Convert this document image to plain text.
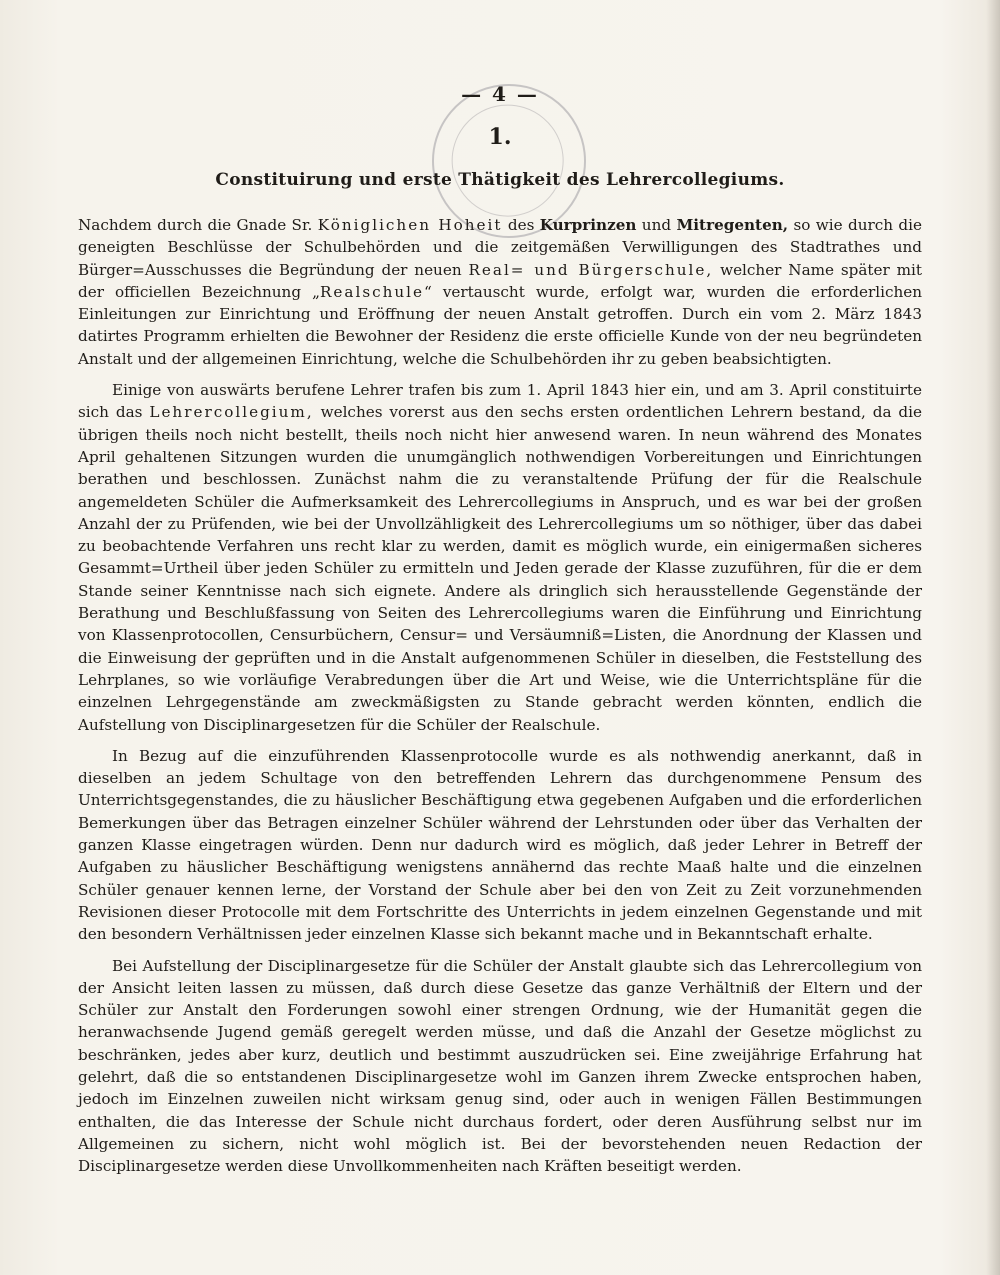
— 4 —
1.
Constituirung und erste Thätigkeit des Lehrercollegiums.

Nachdem durch die Gnade Sr. Königlichen Hoheit des Kurprinzen und Mitregenten, so wie durch die geneigten Beschlüsse der Schulbehörden und die zeitgemäßen Verwilligungen des Stadtrathes und Bürger=Ausschusses die Begründung der neuen Real= und Bürgerschule, welcher Name später mit der officiellen Bezeichnung „Realschule“ vertauscht wurde, erfolgt war, wurden die erforderlichen Einleitungen zur Einrichtung und Eröffnung der neuen Anstalt getroffen. Durch ein vom 2. März 1843 datirtes Programm erhielten die Bewohner der Residenz die erste officielle Kunde von der neu begründeten Anstalt und der allgemeinen Einrichtung, welche die Schulbehörden ihr zu geben beabsichtigten.

Einige von auswärts berufene Lehrer trafen bis zum 1. April 1843 hier ein, und am 3. April constituirte sich das Lehrercollegium, welches vorerst aus den sechs ersten ordentlichen Lehrern bestand, da die übrigen theils noch nicht bestellt, theils noch nicht hier anwesend waren. In neun während des Monates April gehaltenen Sitzungen wurden die unumgänglich nothwendigen Vorbereitungen und Einrichtungen berathen und beschlossen. Zunächst nahm die zu veranstaltende Prüfung der für die Realschule angemeldeten Schüler die Aufmerksamkeit des Lehrercollegiums in Anspruch, und es war bei der großen Anzahl der zu Prüfenden, wie bei der Unvollzähligkeit des Lehrercollegiums um so nöthiger, über das dabei zu beobachtende Verfahren uns recht klar zu werden, damit es möglich wurde, ein einigermaßen sicheres Gesammt=Urtheil über jeden Schüler zu ermitteln und Jeden gerade der Klasse zuzuführen, für die er dem Stande seiner Kenntnisse nach sich eignete. Andere als dringlich sich herausstellende Gegenstände der Berathung und Beschlußfassung von Seiten des Lehrercollegiums waren die Einführung und Einrichtung von Klassenprotocollen, Censurbüchern, Censur= und Versäumniß=Listen, die Anordnung der Klassen und die Einweisung der geprüften und in die Anstalt aufgenommenen Schüler in dieselben, die Feststellung des Lehrplanes, so wie vorläufige Verabredungen über die Art und Weise, wie die Unterrichtspläne für die einzelnen Lehrgegenstände am zweckmäßigsten zu Stande gebracht werden könnten, endlich die Aufstellung von Disciplinargesetzen für die Schüler der Realschule.

In Bezug auf die einzuführenden Klassenprotocolle wurde es als nothwendig anerkannt, daß in dieselben an jedem Schultage von den betreffenden Lehrern das durchgenommene Pensum des Unterrichtsgegenstandes, die zu häuslicher Beschäftigung etwa gegebenen Aufgaben und die erforderlichen Bemerkungen über das Betragen einzelner Schüler während der Lehrstunden oder über das Verhalten der ganzen Klasse eingetragen würden. Denn nur dadurch wird es möglich, daß jeder Lehrer in Betreff der Aufgaben zu häuslicher Beschäftigung wenigstens annähernd das rechte Maaß halte und die einzelnen Schüler genauer kennen lerne, der Vorstand der Schule aber bei den von Zeit zu Zeit vorzunehmenden Revisionen dieser Protocolle mit dem Fortschritte des Unterrichts in jedem einzelnen Gegenstande und mit den besondern Verhältnissen jeder einzelnen Klasse sich bekannt mache und in Bekanntschaft erhalte.

Bei Aufstellung der Disciplinargesetze für die Schüler der Anstalt glaubte sich das Lehrercollegium von der Ansicht leiten lassen zu müssen, daß durch diese Gesetze das ganze Verhältniß der Eltern und der Schüler zur Anstalt den Forderungen sowohl einer strengen Ordnung, wie der Humanität gegen die heranwachsende Jugend gemäß geregelt werden müsse, und daß die Anzahl der Gesetze möglichst zu beschränken, jedes aber kurz, deutlich und bestimmt auszudrücken sei. Eine zweijährige Erfahrung hat gelehrt, daß die so entstandenen Disciplinargesetze wohl im Ganzen ihrem Zwecke entsprochen haben, jedoch im Einzelnen zuweilen nicht wirksam genug sind, oder auch in wenigen Fällen Bestimmungen enthalten, die das Interesse der Schule nicht durchaus fordert, oder deren Ausführung selbst nur im Allgemeinen zu sichern, nicht wohl möglich ist. Bei der bevorstehenden neuen Redaction der Disciplinargesetze werden diese Unvollkommenheiten nach Kräften beseitigt werden.
